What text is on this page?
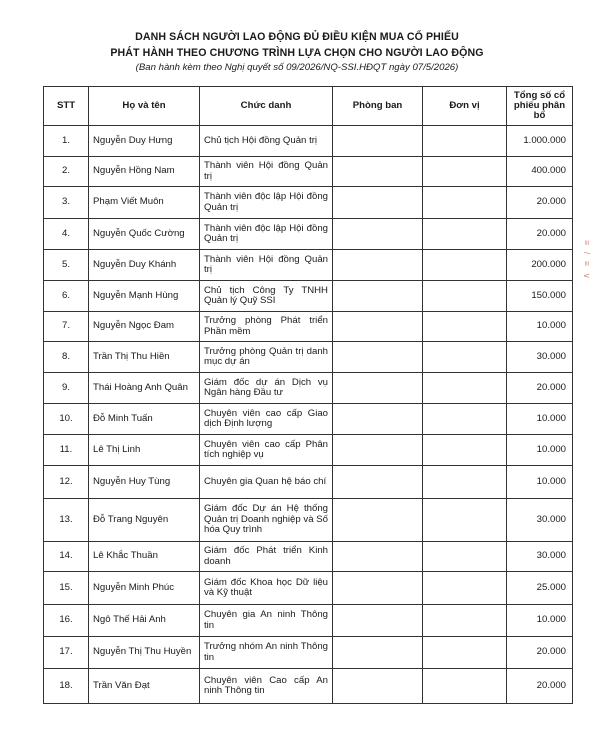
DANH SÁCH NGƯỜI LAO ĐỘNG ĐỦ ĐIỀU KIỆN MUA CỔ PHIẾU
PHÁT HÀNH THEO CHƯƠNG TRÌNH LỰA CHỌN CHO NGƯỜI LAO ĐỘNG
(Ban hành kèm theo Nghị quyết số 09/2026/NQ-SSI.HĐQT ngày 07/5/2026)
≡ / ≡ ∨
STT	Họ và tên	Chức danh	Phòng ban	Đơn vị	Tổng số cổ phiếu phân bổ
1.	Nguyễn Duy Hưng	Chủ tịch Hội đồng Quản trị			1.000.000
2.	Nguyễn Hồng Nam	Thành viên Hội đồng Quản trị			400.000
3.	Phạm Viết Muôn	Thành viên độc lập Hội đồng Quản trị			20.000
4.	Nguyễn Quốc Cường	Thành viên độc lập Hội đồng Quản trị			20.000
5.	Nguyễn Duy Khánh	Thành viên Hội đồng Quản trị			200.000
6.	Nguyễn Mạnh Hùng	Chủ tịch Công Ty TNHH Quản lý Quỹ SSI			150.000
7.	Nguyễn Ngọc Đam	Trưởng phòng Phát triển Phần mềm			10.000
8.	Trần Thị Thu Hiền	Trưởng phòng Quản trị danh mục dự án			30.000
9.	Thái Hoàng Anh Quân	Giám đốc dự án Dịch vụ Ngân hàng Đầu tư			20.000
10.	Đỗ Minh Tuấn	Chuyên viên cao cấp Giao dịch Định lượng			10.000
11.	Lê Thị Linh	Chuyên viên cao cấp Phân tích nghiệp vụ			10.000
12.	Nguyễn Huy Tùng	Chuyên gia Quan hệ báo chí			10.000
13.	Đỗ Trang Nguyên	Giám đốc Dự án Hệ thống Quản trị Doanh nghiệp và Số hóa Quy trình			30.000
14.	Lê Khắc Thuần	Giám đốc Phát triển Kinh doanh			30.000
15.	Nguyễn Minh Phúc	Giám đốc Khoa học Dữ liệu và Kỹ thuật			25.000
16.	Ngô Thế Hải Anh	Chuyên gia An ninh Thông tin			10.000
17.	Nguyễn Thị Thu Huyền	Trưởng nhóm An ninh Thông tin			20.000
18.	Trần Văn Đạt	Chuyên viên Cao cấp An ninh Thông tin			20.000
